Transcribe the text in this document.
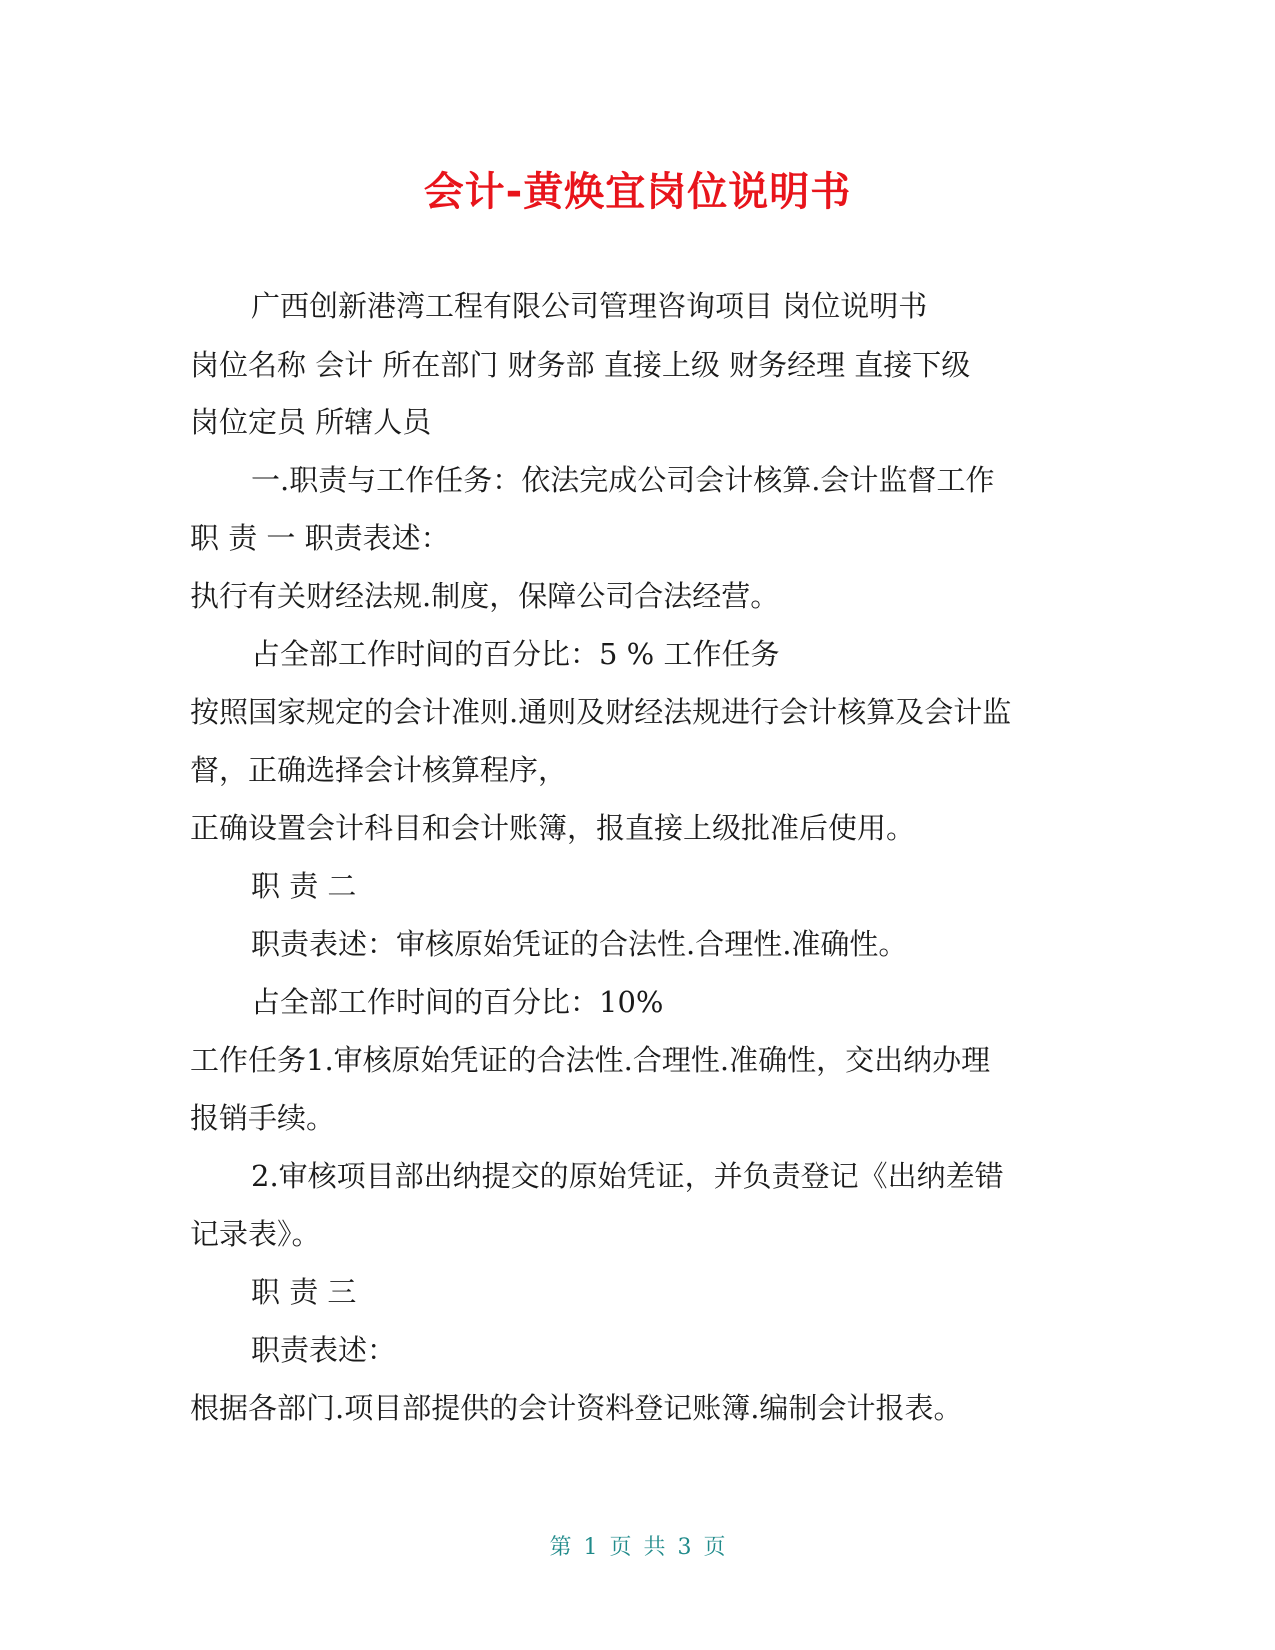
会计-黄焕宜岗位说明书
广西创新港湾工程有限公司管理咨询项目 岗位说明书
岗位名称 会计 所在部门 财务部 直接上级 财务经理 直接下级
岗位定员 所辖人员
一.职责与工作任务：依法完成公司会计核算.会计监督工作
职 责 一 职责表述：
执行有关财经法规.制度，保障公司合法经营。
占全部工作时间的百分比：5 % 工作任务
按照国家规定的会计准则.通则及财经法规进行会计核算及会计监
督，正确选择会计核算程序，
正确设置会计科目和会计账簿，报直接上级批准后使用。
职 责 二
职责表述：审核原始凭证的合法性.合理性.准确性。
占全部工作时间的百分比：10%
工作任务1.审核原始凭证的合法性.合理性.准确性，交出纳办理
报销手续。
2.审核项目部出纳提交的原始凭证，并负责登记《出纳差错
记录表》。
职 责 三
职责表述：
根据各部门.项目部提供的会计资料登记账簿.编制会计报表。
第 1 页 共 3 页
